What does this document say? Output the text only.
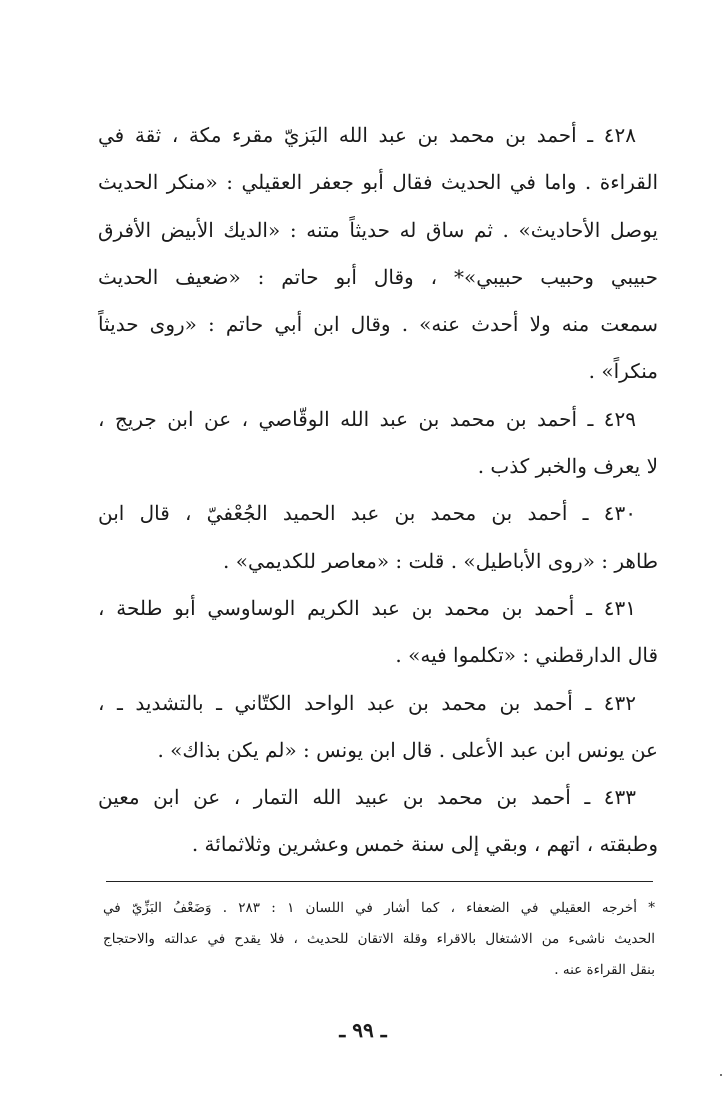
٤٢٨ ـ أحمد بن محمد بن عبد الله البَزيّ مقرء مكة ، ثقة في
القراءة . واما في الحديث فقال أبو جعفر العقيلي : «منكر الحديث
يوصل الأحاديث» . ثم ساق له حديثاً متنه : «الديك الأبيض الأفرق
حبيبي وحبيب حبيبي»* ، وقال أبو حاتم : «ضعيف الحديث
سمعت منه ولا أحدث عنه» . وقال ابن أبي حاتم : «روى حديثاً
منكراً» .
٤٢٩ ـ أحمد بن محمد بن عبد الله الوقّاصي ، عن ابن جريج ،
لا يعرف والخبر كذب .
٤٣٠ ـ أحمد بن محمد بن عبد الحميد الجُعْفيّ ، قال ابن
طاهر : «روى الأباطيل» . قلت : «معاصر للكديمي» .
٤٣١ ـ أحمد بن محمد بن عبد الكريم الوساوسي أبو طلحة ،
قال الدارقطني : «تكلموا فيه» .
٤٣٢ ـ أحمد بن محمد بن عبد الواحد الكتّاني ـ بالتشديد ـ ،
عن يونس ابن عبد الأعلى . قال ابن يونس : «لم يكن بذاك» .
٤٣٣ ـ أحمد بن محمد بن عبيد الله التمار ، عن ابن معين
وطبقته ، اتهم ، وبقي إلى سنة خمس وعشرين وثلاثمائة .
* أخرجه العقيلي في الضعفاء ، كما أشار في اللسان ١ : ٢٨٣ . وَضَعْفُ البَزِّيّ في
الحديث ناشىء من الاشتغال بالاقراء وقلة الاتقان للحديث ، فلا يقدح في عدالته والاحتجاج
بنقل القراءة عنه .
ـ ٩٩ ـ
